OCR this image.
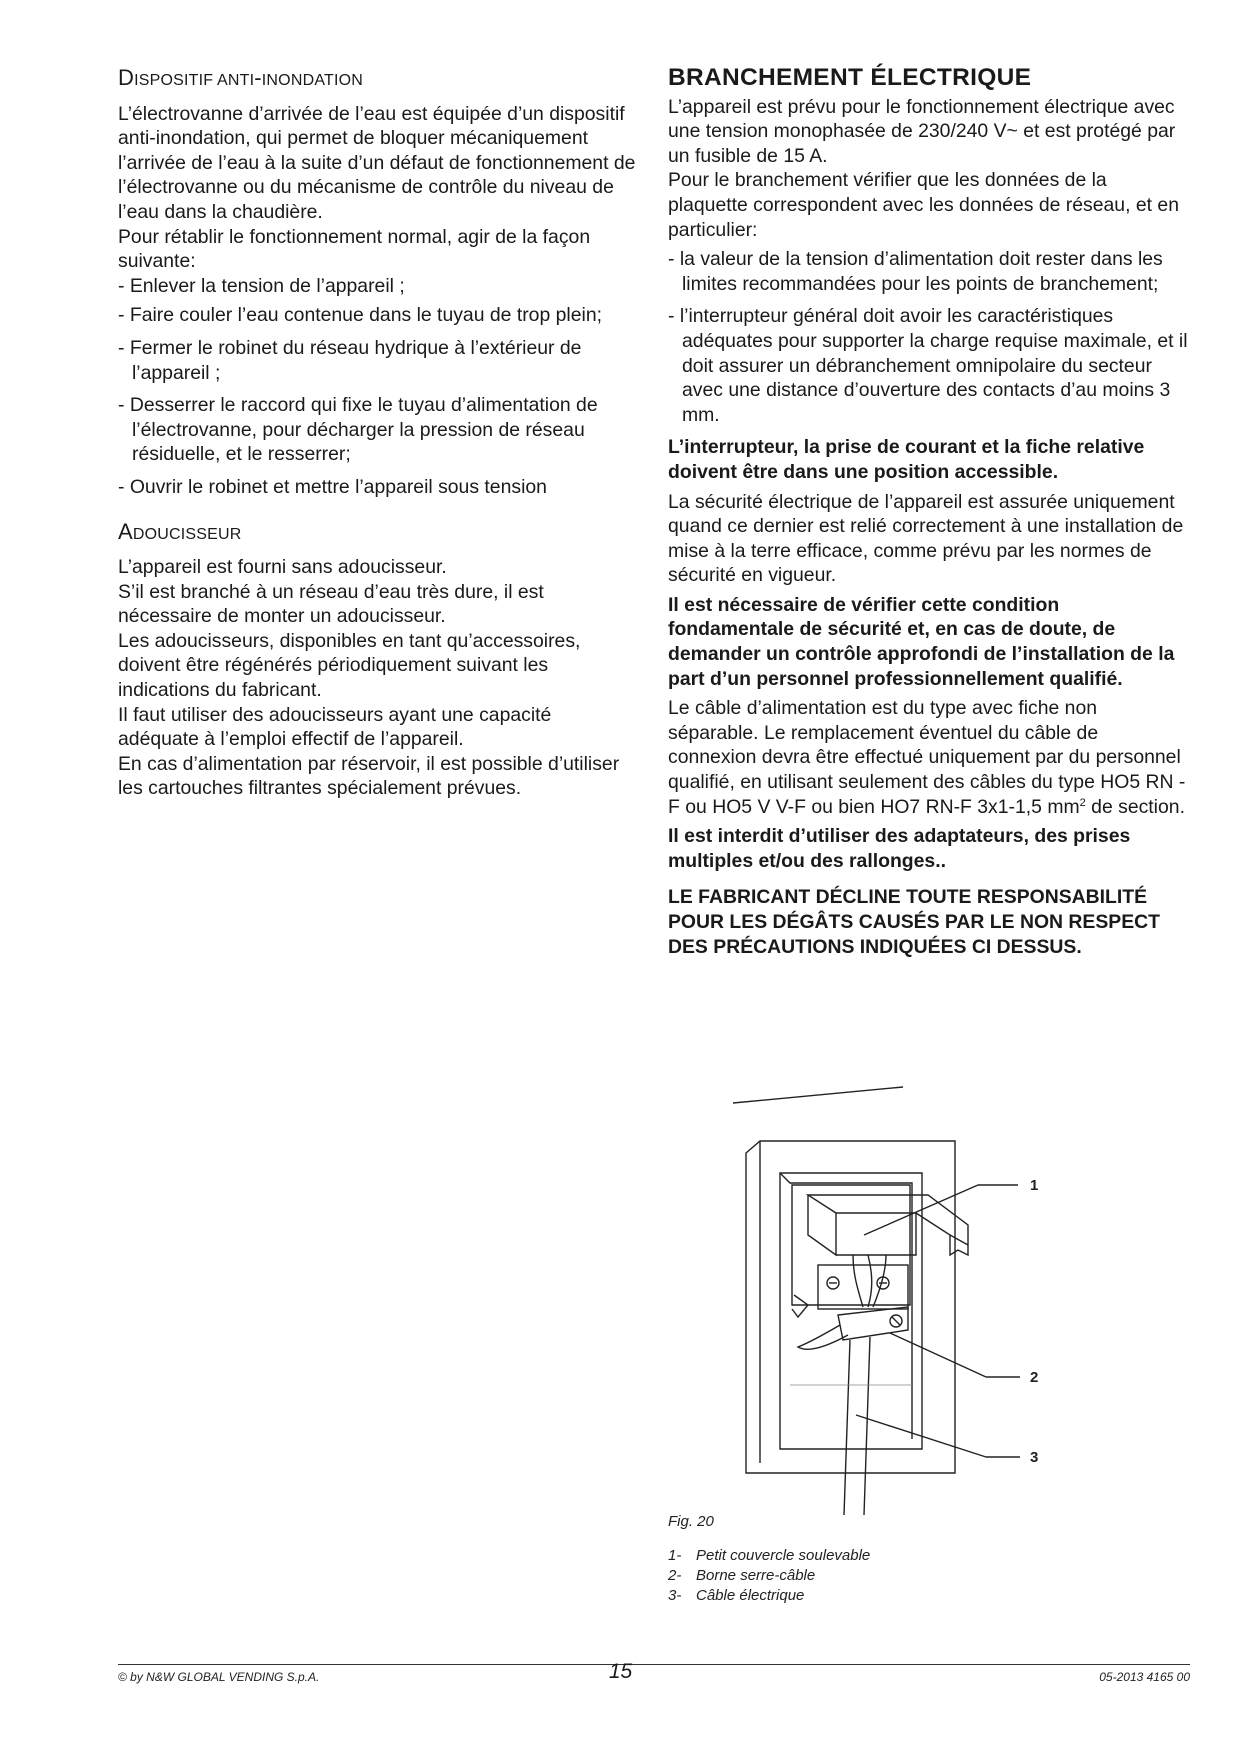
DISPOSITIF ANTI-INONDATION

L’électrovanne d’arrivée de l’eau est équipée d’un dispositif anti-inondation, qui permet de bloquer mécaniquement l’arrivée de l’eau à la suite d’un défaut de fonctionnement de l’électrovanne ou du mécanisme de contrôle du niveau de l’eau dans la chaudière.

Pour rétablir le fonctionnement normal, agir de la façon suivante:

- Enlever la tension de l’appareil ;

- Faire couler l’eau contenue dans le tuyau de trop plein;

- Fermer le robinet du réseau hydrique à l’extérieur de l’appareil ;

- Desserrer le raccord qui fixe le tuyau d’alimentation de l’électrovanne, pour décharger la pression de réseau résiduelle, et le resserrer;

- Ouvrir le robinet et mettre l’appareil sous tension

ADOUCISSEUR

L’appareil est fourni sans adoucisseur.

S’il est branché à un réseau d’eau très dure, il est nécessaire de monter un adoucisseur.

Les adoucisseurs, disponibles en tant qu’accessoires, doivent être régénérés périodiquement suivant les indications du fabricant.

Il faut utiliser des adoucisseurs ayant une capacité adéquate à l’emploi effectif de l’appareil.

En cas d’alimentation par réservoir, il est possible d’utiliser les cartouches filtrantes spécialement prévues.

BRANCHEMENT ÉLECTRIQUE

L’appareil est prévu pour le fonctionnement électrique avec une tension monophasée de 230/240 V~ et est protégé par un fusible de 15 A.

Pour le branchement vérifier que les données de la plaquette correspondent avec les données de réseau, et en particulier:

- la valeur de la tension d’alimentation doit rester dans les limites recommandées pour les points de branchement;

- l’interrupteur général doit avoir les caractéristiques adéquates pour supporter la charge requise maximale, et il doit assurer un débranchement omnipolaire du secteur avec une distance d’ouverture des contacts d’au moins 3 mm.

L’interrupteur, la prise de courant et la fiche relative doivent être dans une position accessible.

La sécurité électrique de l’appareil est assurée uniquement quand ce dernier est relié correctement à une installation de mise à la terre efficace, comme prévu par les normes de sécurité en vigueur.

Il est nécessaire de vérifier cette condition fondamentale de sécurité et, en cas de doute, de demander un contrôle approfondi de l’installation de la part d’un personnel professionnellement qualifié.

Le câble d’alimentation est du type avec fiche non séparable. Le remplacement éventuel du câble de connexion devra être effectué uniquement par du personnel qualifié, en utilisant seulement des câbles du type HO5 RN - F ou HO5 V V-F ou bien HO7 RN-F 3x1-1,5 $mm^2$ de section.

Il est interdit d’utiliser des adaptateurs, des prises multiples et/ou des rallonges..

LE FABRICANT DÉCLINE TOUTE RESPONSABILITÉ POUR LES DÉGÂTS CAUSÉS PAR LE NON RESPECT DES PRÉCAUTIONS INDIQUÉES CI DESSUS.

1
2
3
Fig. 20
1- Petit couvercle soulevable
2- Borne serre-câble
3- Câble électrique
© by N&W GLOBAL VENDING S.p.A.	15	05-2013 4165 00
